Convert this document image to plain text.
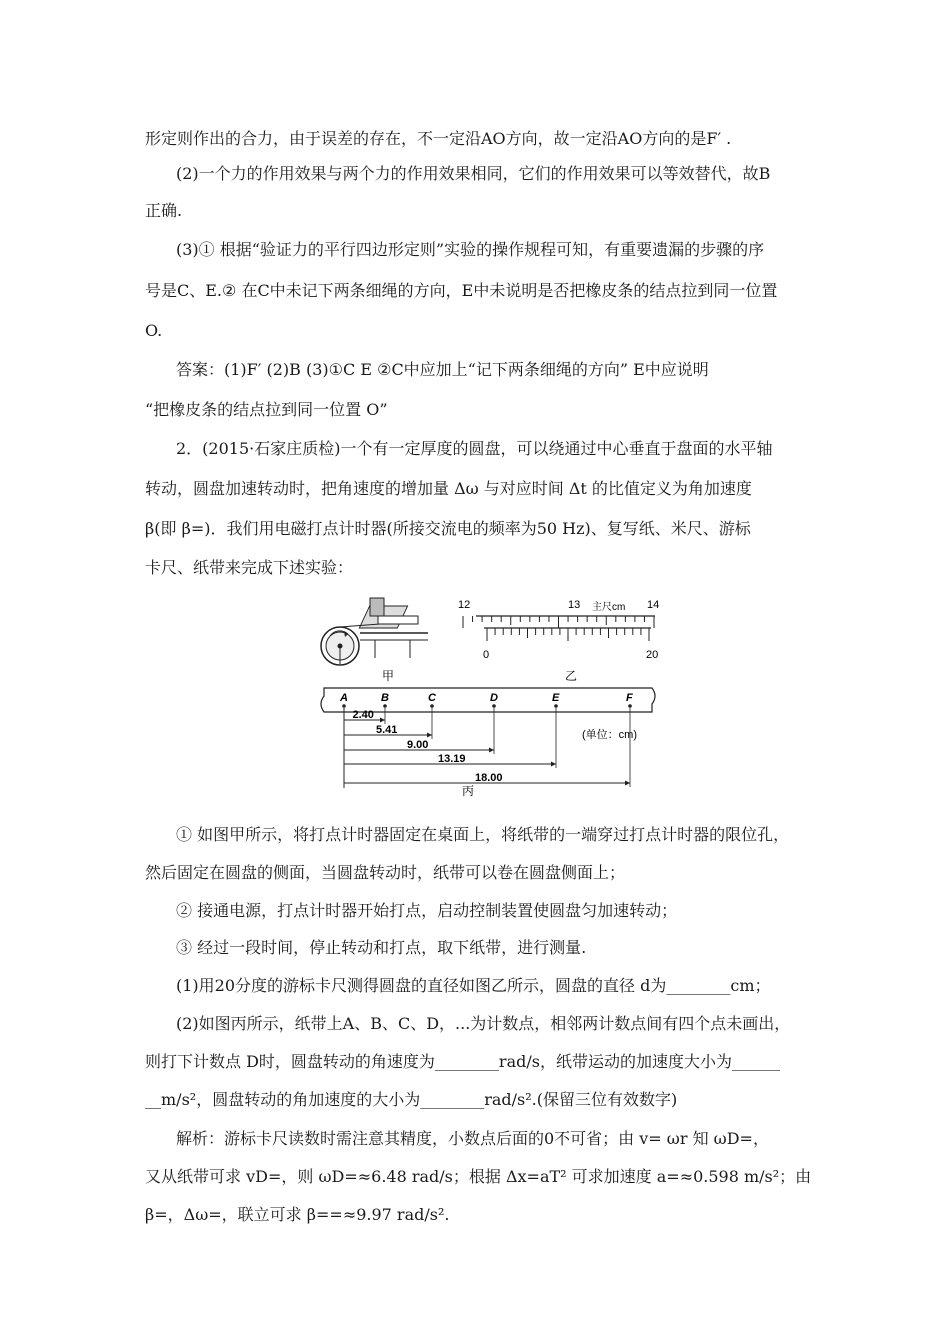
形定则作出的合力，由于误差的存在，不一定沿AO方向，故一定沿AO方向的是F′ .
(2)一个力的作用效果与两个力的作用效果相同，它们的作用效果可以等效替代，故B
正确.
(3)① 根据“验证力的平行四边形定则”实验的操作规程可知，有重要遗漏的步骤的序
号是C、E.② 在C中未记下两条细绳的方向，E中未说明是否把橡皮条的结点拉到同一位置
O.
答案：(1)F′ (2)B (3)①C E ②C中应加上“记下两条细绳的方向” E中应说明
“把橡皮条的结点拉到同一位置 O”
2．(2015·石家庄质检)一个有一定厚度的圆盘，可以绕通过中心垂直于盘面的水平轴
转动，圆盘加速转动时，把角速度的增加量 Δω 与对应时间 Δt 的比值定义为角加速度
β(即 β=)．我们用电磁打点计时器(所接交流电的频率为50 Hz)、复写纸、米尺、游标
卡尺、纸带来完成下述实验：
甲
12	13 主尺cm 14
0	20
乙
A	B	C	D	E	F
2.40
5.41
9.00
13.19
18.00
(单位：cm)
丙
① 如图甲所示，将打点计时器固定在桌面上，将纸带的一端穿过打点计时器的限位孔，
然后固定在圆盘的侧面，当圆盘转动时，纸带可以卷在圆盘侧面上；
② 接通电源，打点计时器开始打点，启动控制装置使圆盘匀加速转动；
③ 经过一段时间，停止转动和打点，取下纸带，进行测量.
(1)用20分度的游标卡尺测得圆盘的直径如图乙所示，圆盘的直径 d为________cm；
(2)如图丙所示，纸带上A、B、C、D，...为计数点，相邻两计数点间有四个点未画出，
则打下计数点 D时，圆盘转动的角速度为________rad/s，纸带运动的加速度大小为______
__m/s²，圆盘转动的角加速度的大小为________rad/s².(保留三位有效数字)
解析：游标卡尺读数时需注意其精度，小数点后面的0不可省；由 v= ωr 知 ωD=，
又从纸带可求 vD=，则 ωD=≈6.48 rad/s；根据 Δx=aT² 可求加速度 a=≈0.598 m/s²；由
β=，Δω=，联立可求 β==≈9.97 rad/s².
